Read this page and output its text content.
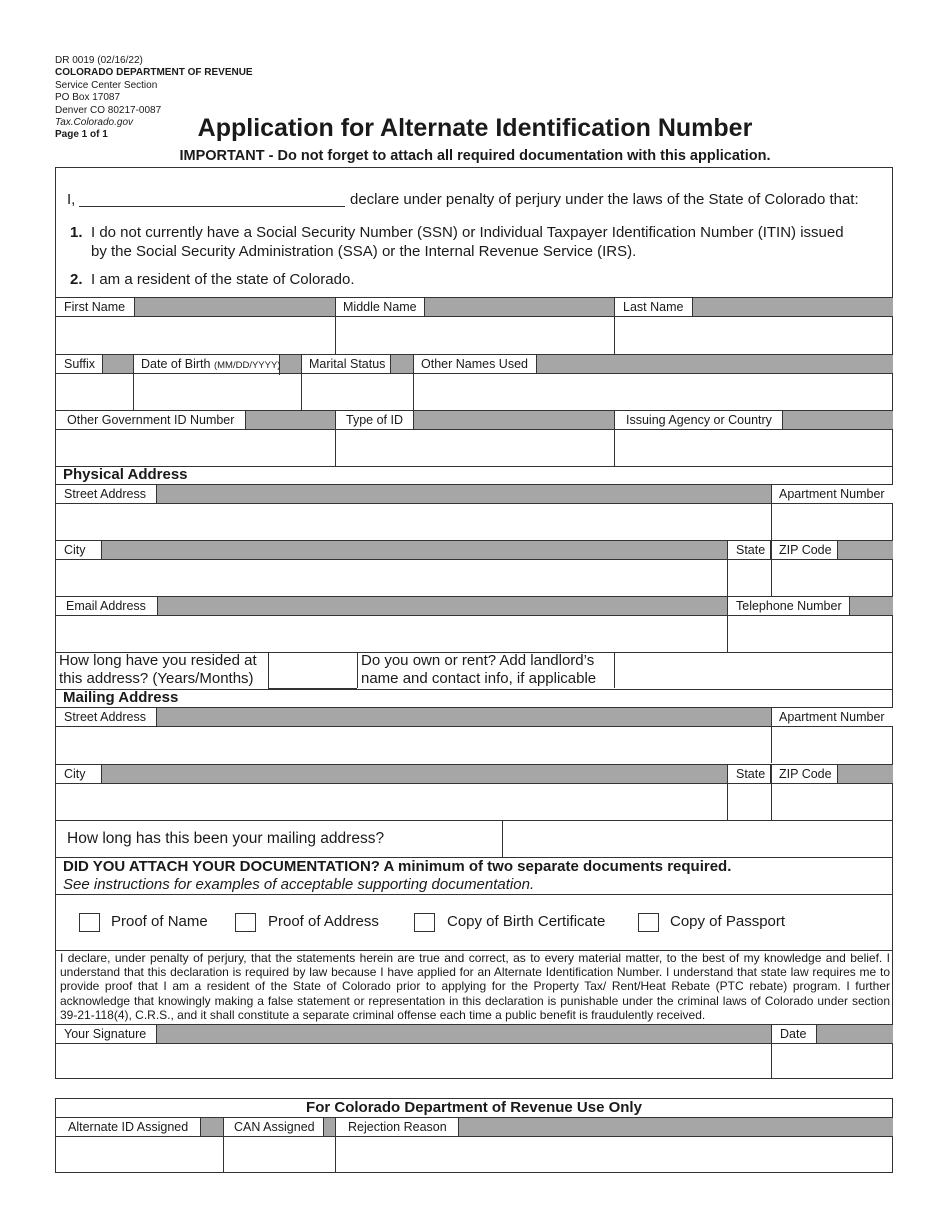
DR 0019 (02/16/22)
COLORADO DEPARTMENT OF REVENUE
Service Center Section
PO Box 17087
Denver CO 80217-0087
Tax.Colorado.gov
Page 1 of 1	Application for Alternate Identification Number
IMPORTANT - Do not forget to attach all required documentation with this application.
I,	declare under penalty of perjury under the laws of the State of Colorado that:
1. I do not currently have a Social Security Number (SSN) or Individual Taxpayer Identification Number (ITIN) issued
by the Social Security Administration (SSA) or the Internal Revenue Service (IRS).
2. I am a resident of the state of Colorado.
First Name	Middle Name	Last Name
Suffix	Date of Birth (MM/DD/YYYY)	Marital Status	Other Names Used
Other Government ID Number	Type of ID	Issuing Agency or Country
Physical Address
Street Address	Apartment Number
City	State	ZIP Code
Email Address	Telephone Number
How long have you resided at
this address? (Years/Months)
Do you own or rent? Add landlord’s
name and contact info, if applicable
Mailing Address
Street Address	Apartment Number
City	State	ZIP Code
How long has this been your mailing address?
DID YOU ATTACH YOUR DOCUMENTATION? A minimum of two separate documents required.
See instructions for examples of acceptable supporting documentation.
Proof of Name	Proof of Address	Copy of Birth Certificate	Copy of Passport
I declare, under penalty of perjury, that the statements herein are true and correct, as to every material matter, to the best of my knowledge and belief. I understand that this declaration is required by law because I have applied for an Alternate Identification Number. I understand that state law requires me to provide proof that I am a resident of the State of Colorado prior to applying for the Property Tax/ Rent/Heat Rebate (PTC rebate) program. I further acknowledge that knowingly making a false statement or representation in this declaration is punishable under the criminal laws of Colorado under section 39-21-118(4), C.R.S., and it shall constitute a separate criminal offense each time a public benefit is fraudulently received.
Your Signature	Date
For Colorado Department of Revenue Use Only
Alternate ID Assigned	CAN Assigned	Rejection Reason
